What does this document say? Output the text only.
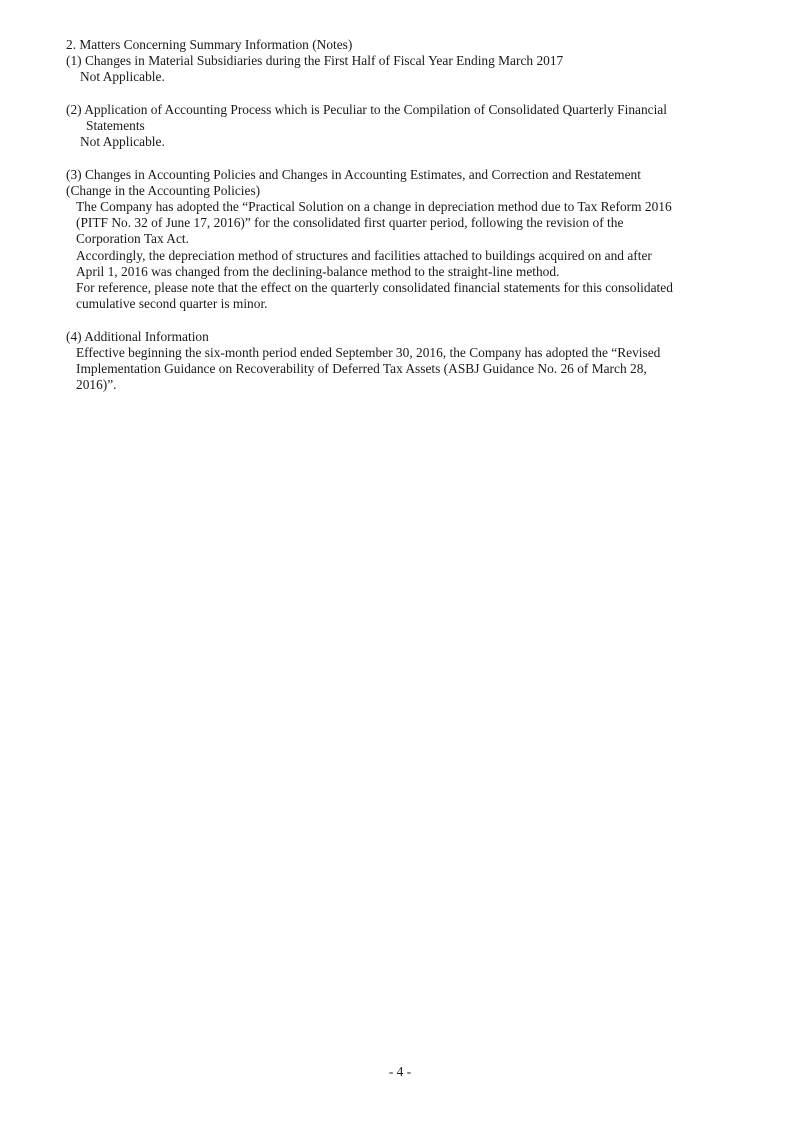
2. Matters Concerning Summary Information (Notes)
(1) Changes in Material Subsidiaries during the First Half of Fiscal Year Ending March 2017
Not Applicable.
(2) Application of Accounting Process which is Peculiar to the Compilation of Consolidated Quarterly Financial
Statements
Not Applicable.
(3) Changes in Accounting Policies and Changes in Accounting Estimates, and Correction and Restatement
(Change in the Accounting Policies)
The Company has adopted the “Practical Solution on a change in depreciation method due to Tax Reform 2016
(PITF No. 32 of June 17, 2016)” for the consolidated first quarter period, following the revision of the
Corporation Tax Act.
Accordingly, the depreciation method of structures and facilities attached to buildings acquired on and after
April 1, 2016 was changed from the declining-balance method to the straight-line method.
For reference, please note that the effect on the quarterly consolidated financial statements for this consolidated
cumulative second quarter is minor.
(4) Additional Information
Effective beginning the six-month period ended September 30, 2016, the Company has adopted the “Revised
Implementation Guidance on Recoverability of Deferred Tax Assets (ASBJ Guidance No. 26 of March 28,
2016)”.
- 4 -
